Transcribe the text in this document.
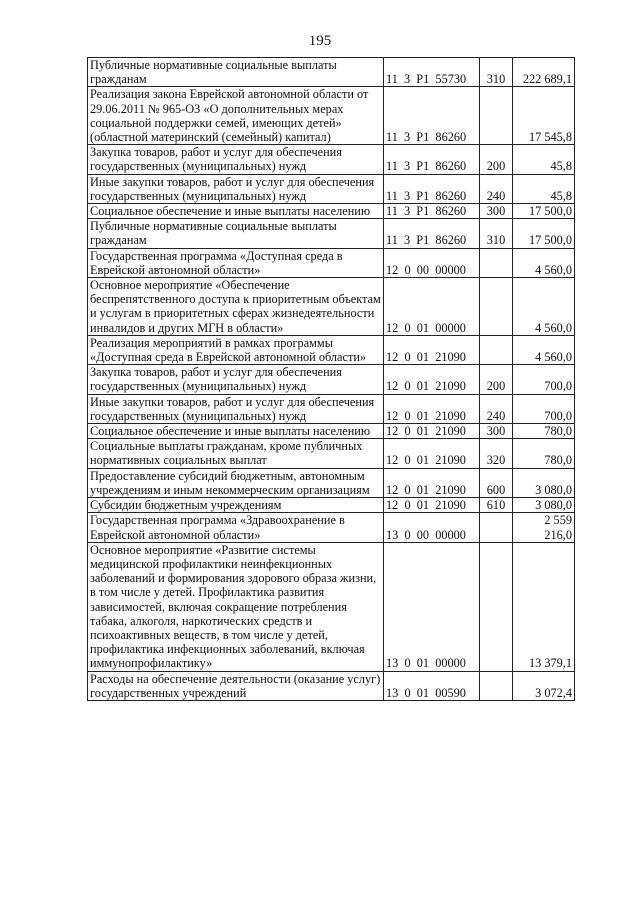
195
Публичные нормативные социальные выплаты гражданам	11  3  Р1  55730	310	222 689,1
Реализация закона Еврейской автономной области от 29.06.2011 № 965-ОЗ «О дополнительных мерах социальной поддержки семей, имеющих детей» (областной материнский (семейный) капитал)	11  3  Р1  86260		17 545,8
Закупка товаров, работ и услуг для обеспечения государственных (муниципальных) нужд	11  3  Р1  86260	200	45,8
Иные закупки товаров, работ и услуг для обеспечения государственных (муниципальных) нужд	11  3  Р1  86260	240	45,8
Социальное обеспечение и иные выплаты населению	11  3  Р1  86260	300	17 500,0
Публичные нормативные социальные выплаты гражданам	11  3  Р1  86260	310	17 500,0
Государственная программа «Доступная среда в Еврейской автономной области»	12  0  00  00000		4 560,0
Основное мероприятие «Обеспечение беспрепятственного доступа к приоритетным объектам и услугам в приоритетных сферах жизнедеятельности инвалидов и других МГН в области»	12  0  01  00000		4 560,0
Реализация мероприятий в рамках программы «Доступная среда в Еврейской автономной области»	12  0  01  21090		4 560,0
Закупка товаров, работ и услуг для обеспечения государственных (муниципальных) нужд	12  0  01  21090	200	700,0
Иные закупки товаров, работ и услуг для обеспечения государственных (муниципальных) нужд	12  0  01  21090	240	700,0
Социальное обеспечение и иные выплаты населению	12  0  01  21090	300	780,0
Социальные выплаты гражданам, кроме публичных нормативных социальных выплат	12  0  01  21090	320	780,0
Предоставление субсидий бюджетным, автономным учреждениям и иным некоммерческим организациям	12  0  01  21090	600	3 080,0
Субсидии бюджетным учреждениям	12  0  01  21090	610	3 080,0
Государственная программа «Здравоохранение в Еврейской автономной области»	13  0  00  00000		2 559 216,0
Основное мероприятие «Развитие системы медицинской профилактики неинфекционных заболеваний и формирования здорового образа жизни, в том числе у детей. Профилактика развития зависимостей, включая сокращение потребления табака, алкоголя, наркотических средств и психоактивных веществ, в том числе у детей, профилактика инфекционных заболеваний, включая иммунопрофилактику»	13  0  01  00000		13 379,1
Расходы на обеспечение деятельности (оказание услуг) государственных учреждений	13  0  01  00590		3 072,4
